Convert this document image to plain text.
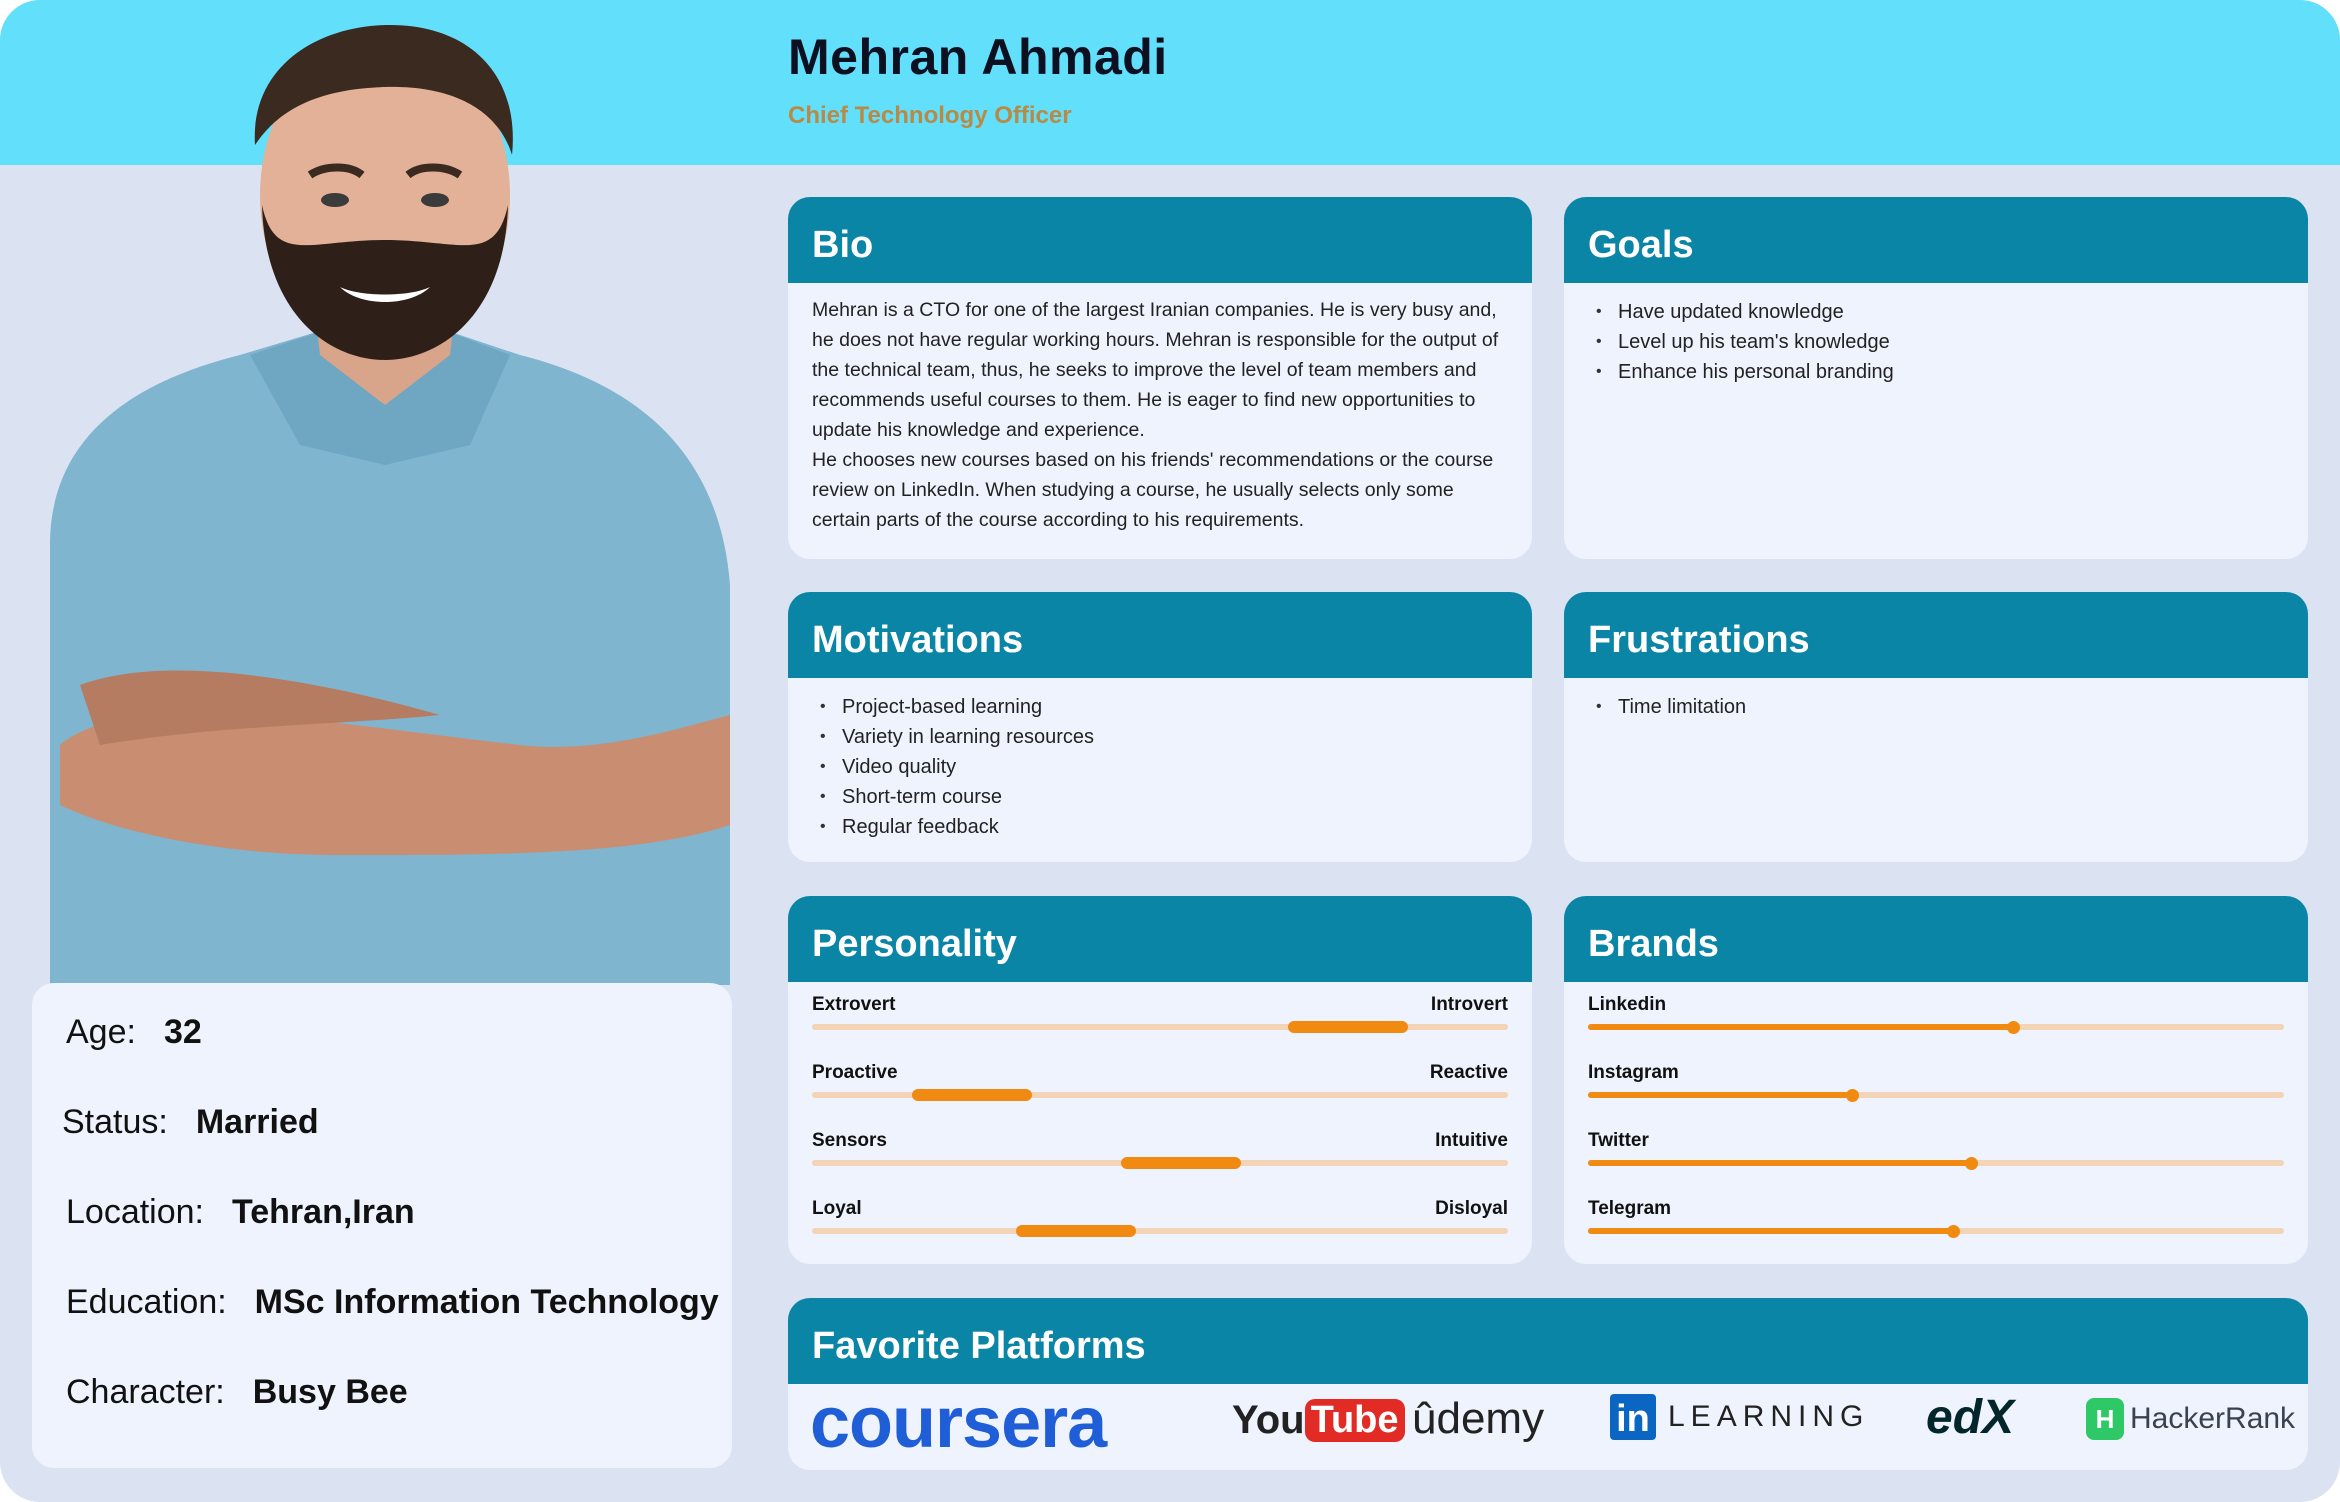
Mehran Ahmadi
Chief Technology Officer
Age: 32
Status: Married
Location: Tehran,Iran
Education: MSc Information Technology
Character: Busy Bee
Bio

Mehran is a CTO for one of the largest Iranian companies. He is very busy and, he does not have regular working hours. Mehran is responsible for the output of the technical team, thus, he seeks to improve the level of team members and recommends useful courses to them. He is eager to find new opportunities to update his knowledge and experience.

He chooses new courses based on his friends' recommendations or the course review on LinkedIn. When studying a course, he usually selects only some certain parts of the course according to his requirements.

Goals
• Have updated knowledge
• Level up his team's knowledge
• Enhance his personal branding
Motivations
• Project-based learning
• Variety in learning resources
• Video quality
• Short-term course
• Regular feedback
Frustrations
• Time limitation
Personality
Extrovert	Introvert
Proactive	Reactive
Sensors	Intuitive
Loyal	Disloyal
Brands
Linkedin
Instagram
Twitter
Telegram
Favorite Platforms
coursera	You Tube ûdemy in LEARNING edX	H HackerRank
